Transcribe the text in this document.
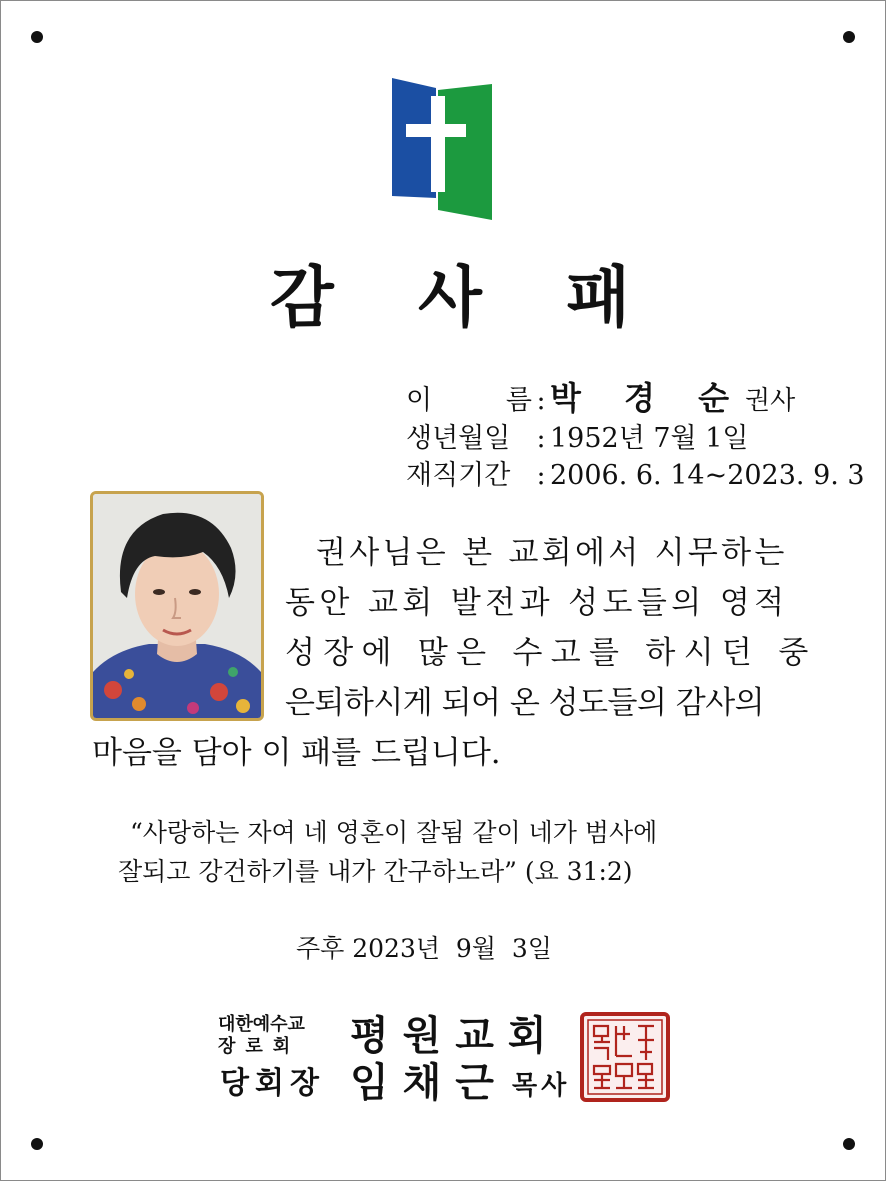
감 사 패
이 름 : 박 경 순 권사
생년월일 : 1952년 7월 1일
재직기간 : 2006. 6. 14~2023. 9. 3
권사님은 본 교회에서 시무하는
동안 교회 발전과 성도들의 영적
성장에 많은 수고를 하시던 중
은퇴하시게 되어 온 성도들의 감사의
마음을 담아 이 패를 드립니다.
“사랑하는 자여 네 영혼이 잘됨 같이 네가 범사에
잘되고 강건하기를 내가 간구하노라” (요 31:2)
주후 2023년  9월  3일
대한예수교
장로회 평원교회
당회장 임채근 목사
